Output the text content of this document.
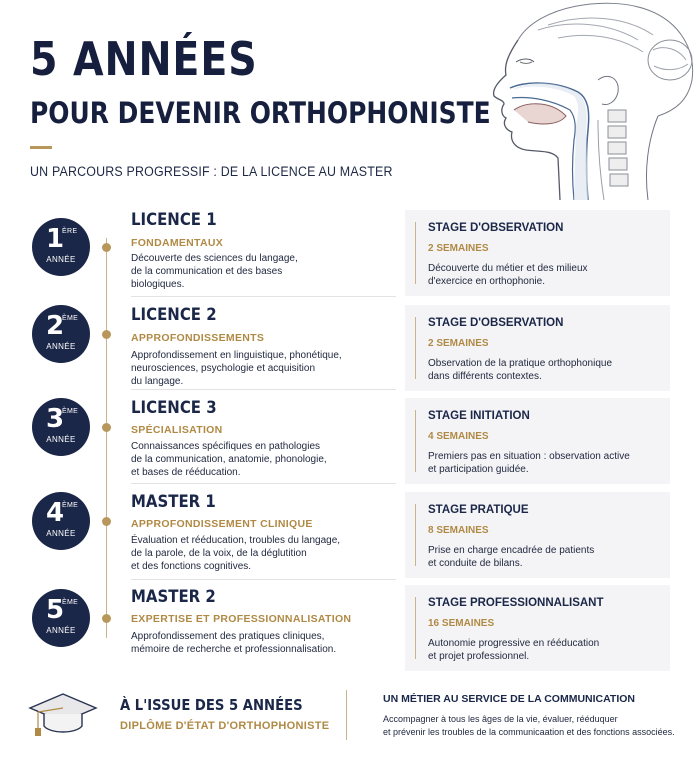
5 ANNÉES
POUR DEVENIR ORTHOPHONISTE
UN PARCOURS PROGRESSIF : DE LA LICENCE AU MASTER
1
ÈRE
ANNÉE
LICENCE 1
FONDAMENTAUX
Découverte des sciences du langage,
de la communication et des bases
biologiques.
STAGE D'OBSERVATION
2 SEMAINES
Découverte du métier et des milieux
d'exercice en orthophonie.
2
ÈME
ANNÉE
LICENCE 2
APPROFONDISSEMENTS
Approfondissement en linguistique, phonétique,
neurosciences, psychologie et acquisition
du langage.
STAGE D'OBSERVATION
2 SEMAINES
Observation de la pratique orthophonique
dans différents contextes.
3
ÈME
ANNÉE
LICENCE 3
SPÉCIALISATION
Connaissances spécifiques en pathologies
de la communication, anatomie, phonologie,
et bases de rééducation.
STAGE INITIATION
4 SEMAINES
Premiers pas en situation : observation active
et participation guidée.
4
ÈME
ANNÉE
MASTER 1
APPROFONDISSEMENT CLINIQUE
Évaluation et rééducation, troubles du langage,
de la parole, de la voix, de la déglutition
et des fonctions cognitives.
STAGE PRATIQUE
8 SEMAINES
Prise en charge encadrée de patients
et conduite de bilans.
5
ÈME
ANNÉE
MASTER 2
EXPERTISE ET PROFESSIONNALISATION
Approfondissement des pratiques cliniques,
mémoire de recherche et professionnalisation.
STAGE PROFESSIONNALISANT
16 SEMAINES
Autonomie progressive en rééducation
et projet professionnel.
À L'ISSUE DES 5 ANNÉES
DIPLÔME D'ÉTAT D'ORTHOPHONISTE
UN MÉTIER AU SERVICE DE LA COMMUNICATION
Accompagner à tous les âges de la vie, évaluer, rééduquer
et prévenir les troubles de la communicaation et des fonctions associées.
